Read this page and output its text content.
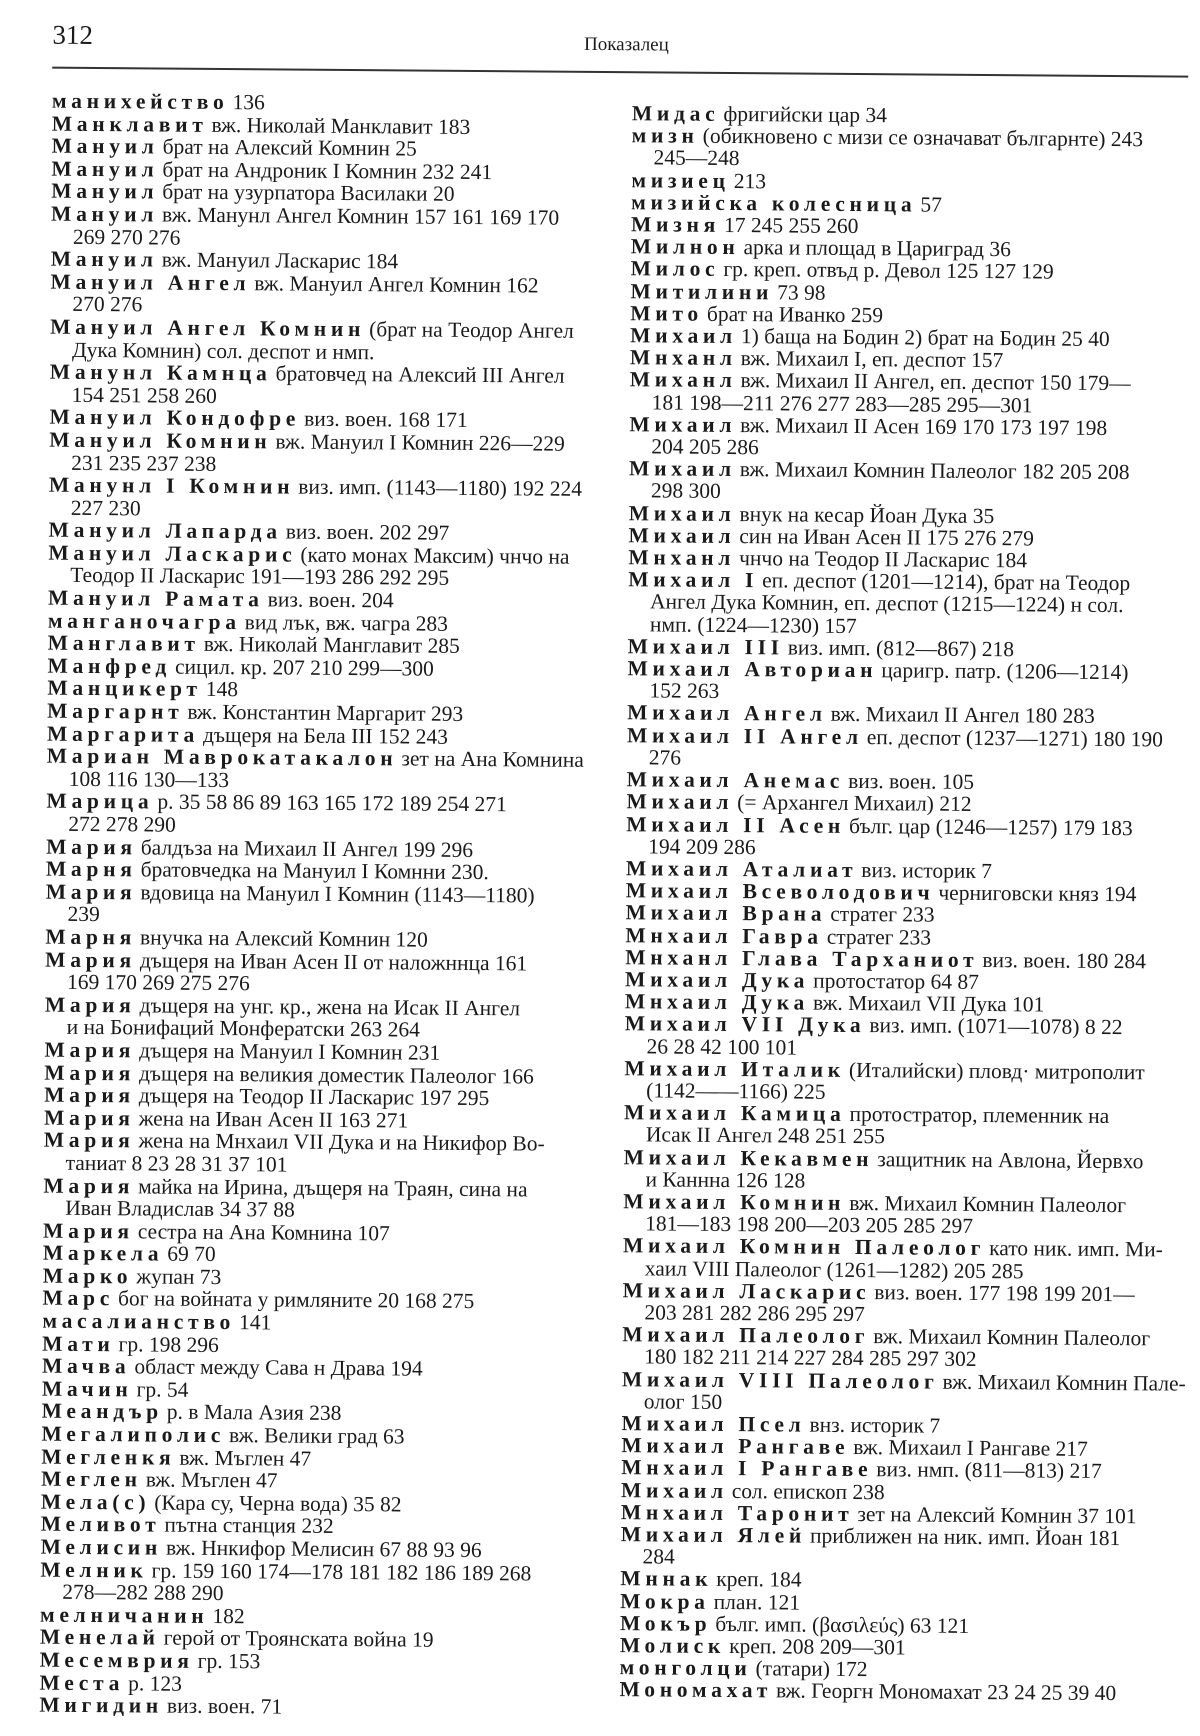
312	Показалец
манихейство 136
Манклавит вж. Николай Манклавит 183
Мануил брат на Алексий Комнин 25
Мануил брат на Андроник I Комнин 232 241
Мануил брат на узурпатора Василаки 20
Мануил вж. Манунл Ангел Комнин 157 161 169 170
269 270 276
Мануил вж. Мануил Ласкарис 184
Мануил Ангел вж. Мануил Ангел Комнин 162
270 276
Мануил Ангел Комнин (брат на Теодор Ангел
Дука Комнин) сол. деспот и нмп.
Манунл Камнца братовчед на Алексий III Ангел
154 251 258 260
Мануил Кондофре виз. воен. 168 171
Мануил Комнин вж. Мануил I Комнин 226—229
231 235 237 238
Манунл I Комнин виз. имп. (1143—1180) 192 224
227 230
Мануил Лапарда виз. воен. 202 297
Мануил Ласкарис (като монах Максим) чнчо на
Теодор II Ласкарис 191—193 286 292 295
Мануил Рамата виз. воен. 204
манганочагра вид лък, вж. чагра 283
Манглавит вж. Николай Манглавит 285
Манфред сицил. кр. 207 210 299—300
Манцикерт 148
Маргарнт вж. Константин Маргарит 293
Маргарита дъщеря на Бела III 152 243
Мариан Маврокатакалон зет на Ана Комнина
108 116 130—133
Марица р. 35 58 86 89 163 165 172 189 254 271
272 278 290
Мария балдъза на Михаил II Ангел 199 296
Марня братовчедка на Мануил I Комнни 230.
Мария вдовица на Мануил I Комнин (1143—1180)
239
Марня внучка на Алексий Комнин 120
Мария дъщеря на Иван Асен II от наложннца 161
169 170 269 275 276
Мария дъщеря на унг. кр., жена на Исак II Ангел
и на Бонифаций Монфератски 263 264
Мария дъщеря на Мануил I Комнин 231
Мария дъщеря на великия доместик Палеолог 166
Мария дъщеря на Теодор II Ласкарис 197 295
Мария жена на Иван Асен II 163 271
Мария жена на Мнхаил VII Дука и на Никифор Во-
таниат 8 23 28 31 37 101
Мария майка на Ирина, дъщеря на Траян, сина на
Иван Владислав 34 37 88
Мария сестра на Ана Комнина 107
Маркела 69 70
Марко жупан 73
Марс бог на войната у римляните 20 168 275
масалианство 141
Мати гр. 198 296
Мачва област между Сава н Драва 194
Мачин гр. 54
Меандър р. в Мала Азия 238
Мегалиполис вж. Велики град 63
Мегленкя вж. Мъглен 47
Меглен вж. Мъглен 47
Мела(с) (Кара су, Черна вода) 35 82
Меливот пътна станция 232
Мелисин вж. Ннкифор Мелисин 67 88 93 96
Мелник гр. 159 160 174—178 181 182 186 189 268
278—282 288 290
мелничанин 182
Менелай герой от Троянската война 19
Месемврия гр. 153
Места р. 123
Мигидин виз. воен. 71
Мидас фригийски цар 34
мизн (обикновено с мизи се означават българнте) 243
245—248
мизиец 213
мизийска колесница 57
Мизня 17 245 255 260
Милнон арка и площад в Цариград 36
Милос гр. креп. отвъд р. Девол 125 127 129
Митилини 73 98
Мито брат на Иванко 259
Михаил 1) баща на Бодин 2) брат на Бодин 25 40
Мнханл вж. Михаил I, еп. деспот 157
Миханл вж. Михаил II Ангел, еп. деспот 150 179—
181 198—211 276 277 283—285 295—301
Михаил вж. Михаил II Асен 169 170 173 197 198
204 205 286
Михаил вж. Михаил Комнин Палеолог 182 205 208
298 300
Михаил внук на кесар Йоан Дука 35
Михаил син на Иван Асен II 175 276 279
Мнханл чнчо на Теодор II Ласкарис 184
Михаил I еп. деспот (1201—1214), брат на Теодор
Ангел Дука Комнин, еп. деспот (1215—1224) н сол.
нмп. (1224—1230) 157
Михаил III виз. имп. (812—867) 218
Михаил Авториан царигр. патр. (1206—1214)
152 263
Михаил Ангел вж. Михаил II Ангел 180 283
Михаил II Ангел еп. деспот (1237—1271) 180 190
276
Михаил Анемас виз. воен. 105
Михаил (= Архангел Михаил) 212
Михаил II Асен бълг. цар (1246—1257) 179 183
194 209 286
Михаил Аталиат виз. историк 7
Михаил Всеволодович черниговски княз 194
Михаил Врана стратег 233
Мнхаил Гавра стратег 233
Мнханл Глава Тарханиот виз. воен. 180 284
Михаил Дука протостатор 64 87
Мнхаил Дука вж. Михаил VII Дука 101
Михаил VII Дука виз. имп. (1071—1078) 8 22
26 28 42 100 101
Михаил Италик (Италийски) пловд· митрополит
(1142——1166) 225
Михаил Камица протостратор, племенник на
Исак II Ангел 248 251 255
Михаил Кекавмен защитник на Авлона, Йервхо
и Каннна 126 128
Михаил Комнин вж. Михаил Комнин Палеолог
181—183 198 200—203 205 285 297
Михаил Комнин Палеолог като ник. имп. Ми-
хаил VIII Палеолог (1261—1282) 205 285
Михаил Ласкарис виз. воен. 177 198 199 201—
203 281 282 286 295 297
Михаил Палеолог вж. Михаил Комнин Палеолог
180 182 211 214 227 284 285 297 302
Михаил VIII Палеолог вж. Михаил Комнин Пале-
олог 150
Михаил Псел внз. историк 7
Михаил Рангаве вж. Михаил I Рангаве 217
Мнхаил I Рангаве виз. нмп. (811—813) 217
Михаил сол. епископ 238
Мнхаил Таронит зет на Алексий Комнин 37 101
Михаил Ялей приближен на ник. имп. Йоан 181
284
Мннак креп. 184
Мокра план. 121
Мокър бълг. имп. (βασιλεύς) 63 121
Молиск креп. 208 209—301
монголци (татари) 172
Мономахат вж. Георгн Мономахат 23 24 25 39 40
